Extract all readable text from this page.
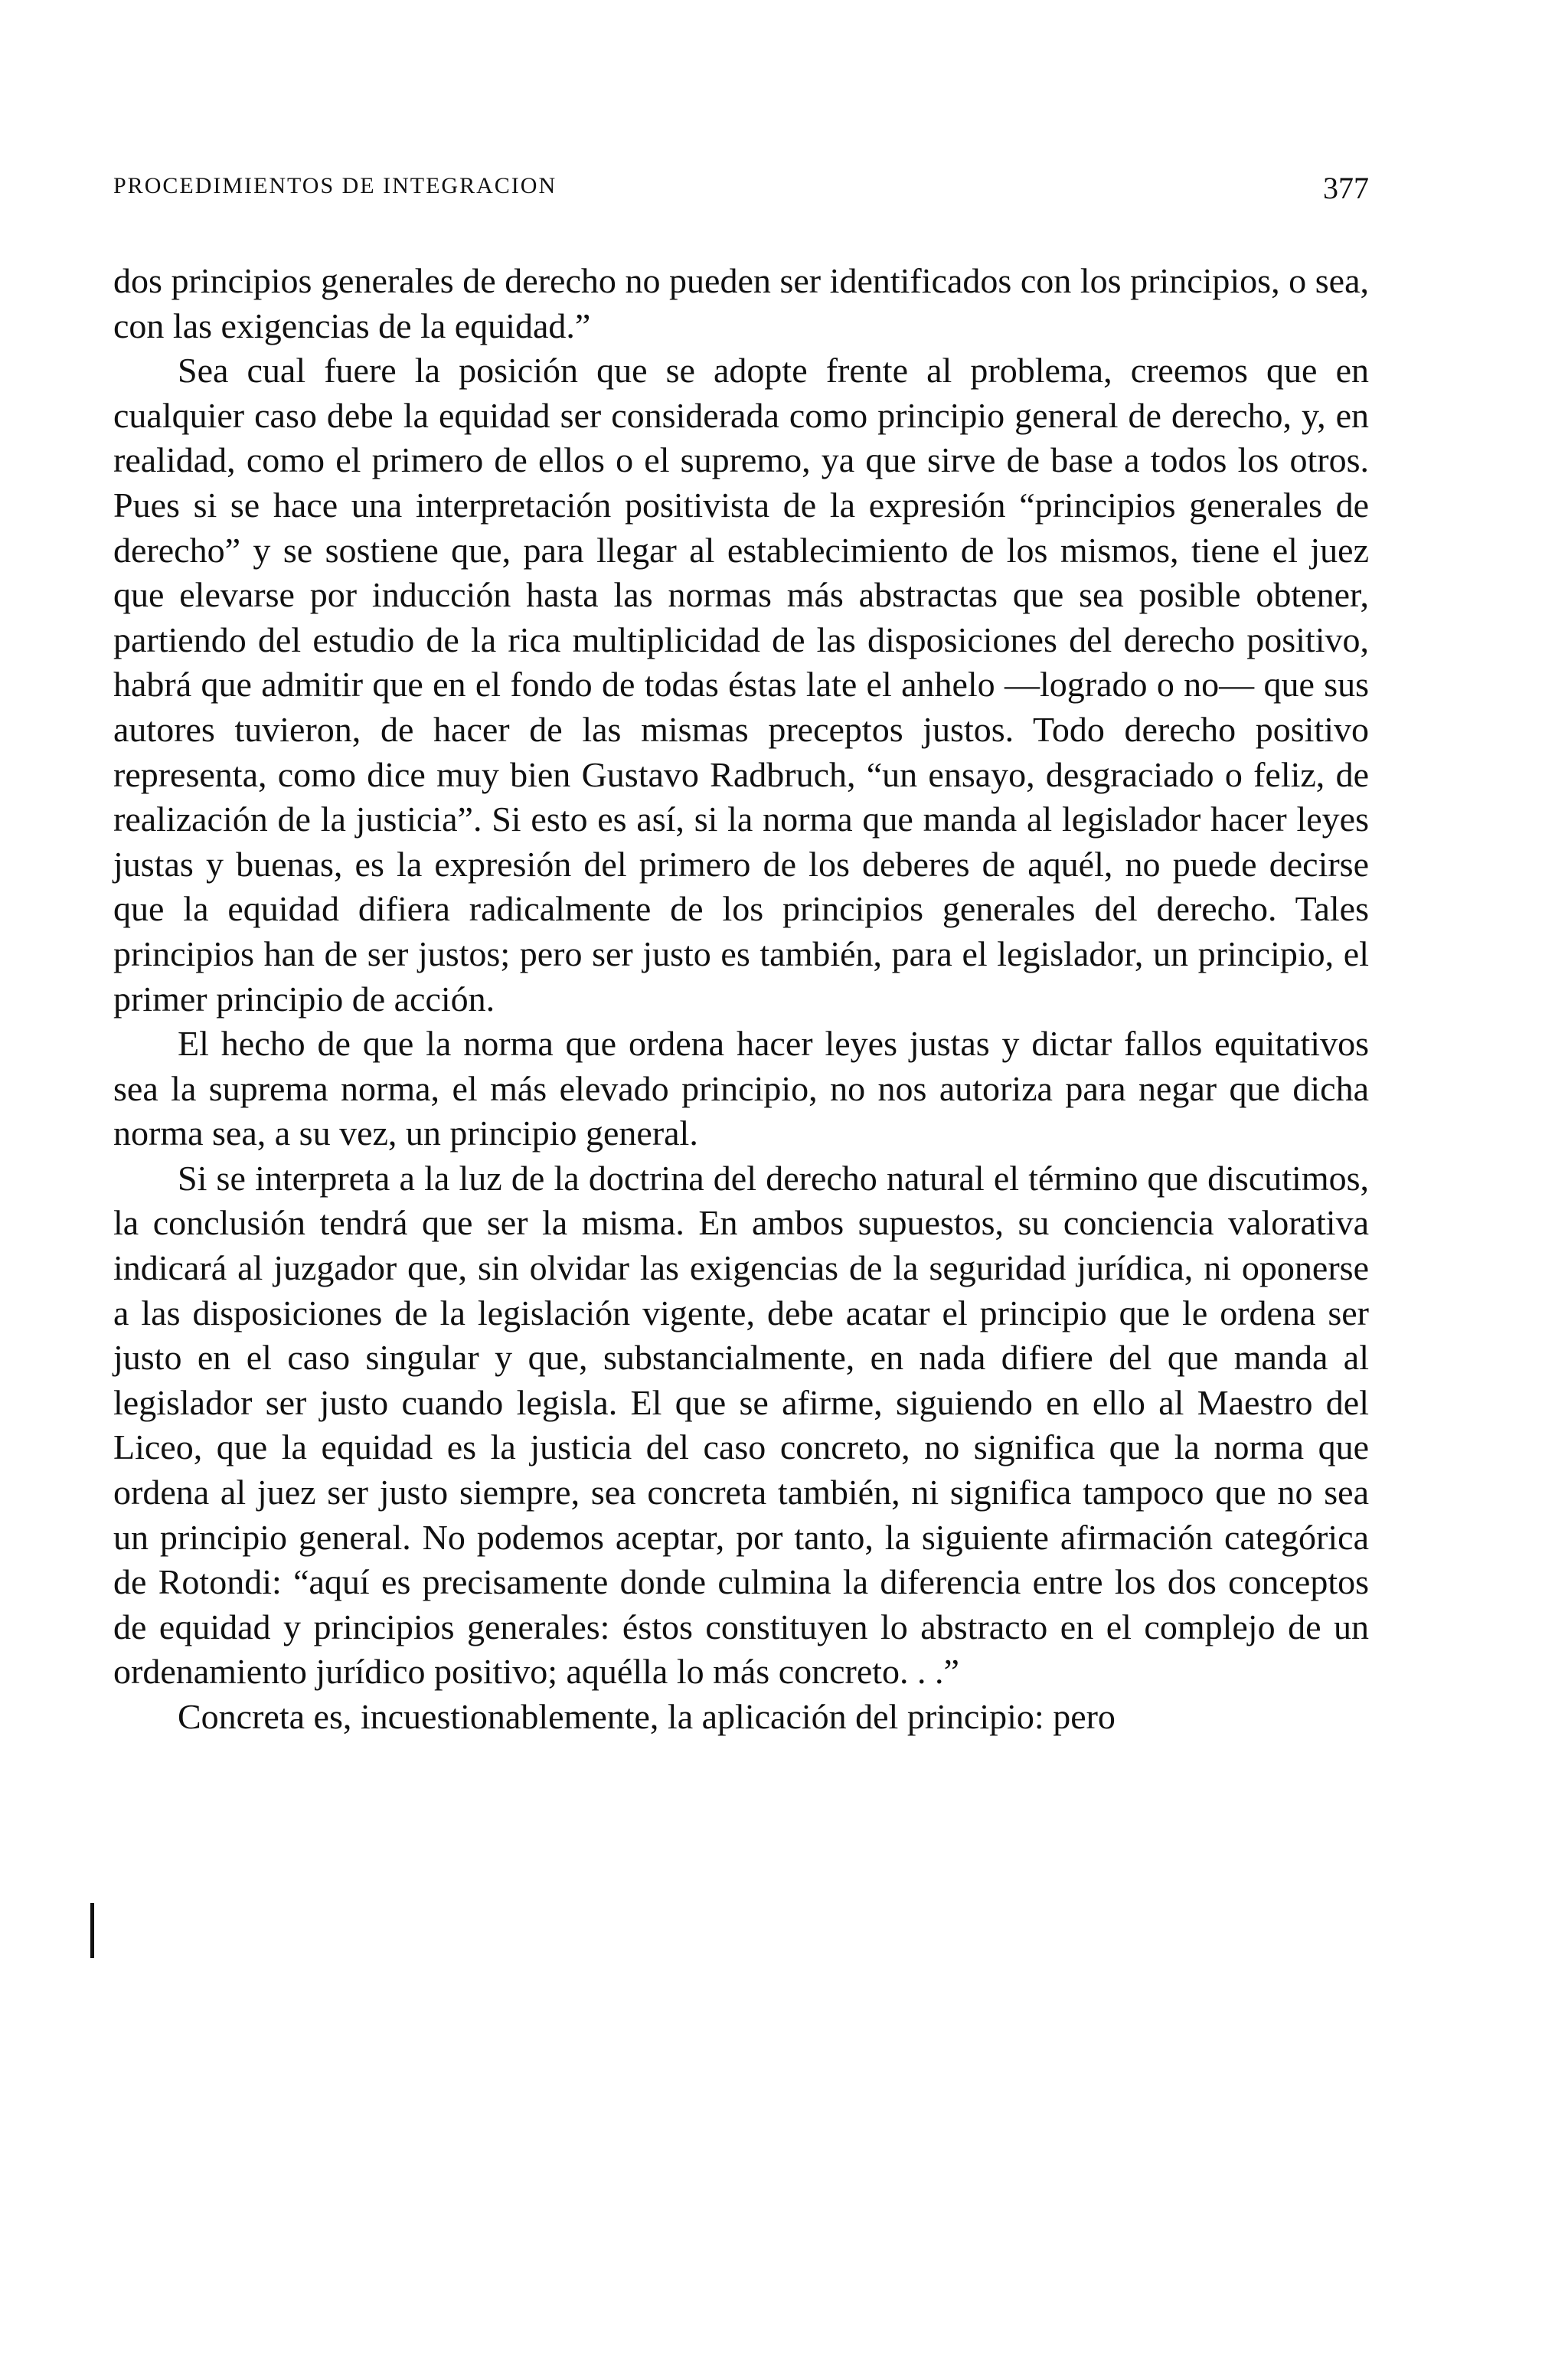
PROCEDIMIENTOS DE INTEGRACION	377

dos principios generales de derecho no pueden ser identificados con los principios, o sea, con las exigencias de la equidad.”

Sea cual fuere la posición que se adopte frente al problema, creemos que en cualquier caso debe la equidad ser considerada como principio general de derecho, y, en realidad, como el primero de ellos o el supremo, ya que sirve de base a todos los otros. Pues si se hace una interpretación positivista de la expresión “principios generales de derecho” y se sostiene que, para llegar al establecimiento de los mismos, tiene el juez que elevarse por inducción hasta las normas más abstractas que sea posible obtener, partiendo del estudio de la rica multiplicidad de las disposiciones del derecho positivo, habrá que admitir que en el fondo de todas éstas late el anhelo —logrado o no— que sus autores tuvieron, de hacer de las mismas preceptos justos. Todo derecho positivo representa, como dice muy bien Gustavo Radbruch, “un ensayo, desgraciado o feliz, de realización de la justicia”. Si esto es así, si la norma que manda al legislador hacer leyes justas y buenas, es la expresión del primero de los deberes de aquél, no puede decirse que la equidad difiera radicalmente de los principios generales del derecho. Tales principios han de ser justos; pero ser justo es también, para el legislador, un principio, el primer principio de acción.

El hecho de que la norma que ordena hacer leyes justas y dictar fallos equitativos sea la suprema norma, el más elevado principio, no nos autoriza para negar que dicha norma sea, a su vez, un principio general.

Si se interpreta a la luz de la doctrina del derecho natural el término que discutimos, la conclusión tendrá que ser la misma. En ambos supuestos, su conciencia valorativa indicará al juzgador que, sin olvidar las exigencias de la seguridad jurídica, ni oponerse a las disposiciones de la legislación vigente, debe acatar el principio que le ordena ser justo en el caso singular y que, substancialmente, en nada difiere del que manda al legislador ser justo cuando legisla. El que se afirme, siguiendo en ello al Maestro del Liceo, que la equidad es la justicia del caso concreto, no significa que la norma que ordena al juez ser justo siempre, sea concreta también, ni significa tampoco que no sea un principio general. No podemos aceptar, por tanto, la siguiente afirmación categórica de Rotondi: “aquí es precisamente donde culmina la diferencia entre los dos conceptos de equidad y principios generales: éstos constituyen lo abstracto en el complejo de un ordenamiento jurídico positivo; aquélla lo más concreto. . .”

Concreta es, incuestionablemente, la aplicación del principio: pero
